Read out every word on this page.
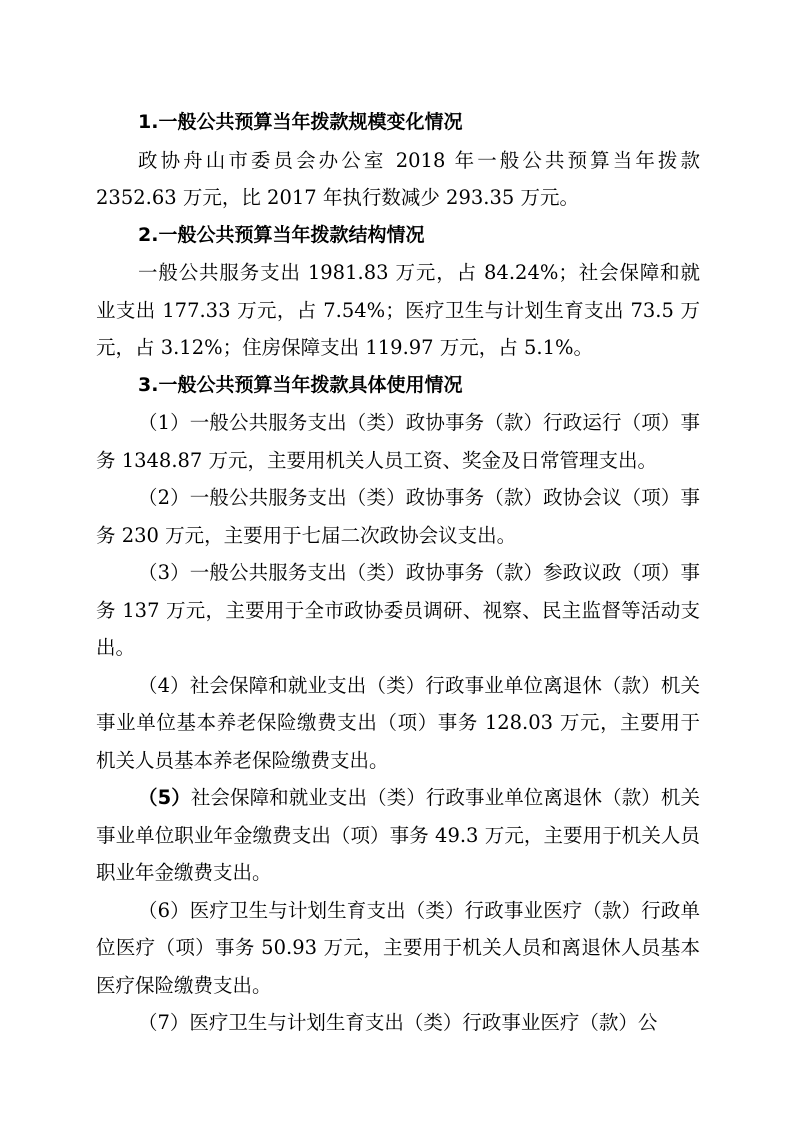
1.一般公共预算当年拨款规模变化情况

政协舟山市委员会办公室 2018 年一般公共预算当年拨款 2352.63 万元，比 2017 年执行数减少 293.35 万元。

2.一般公共预算当年拨款结构情况

一般公共服务支出 1981.83 万元，占 84.24%；社会保障和就业支出 177.33 万元，占 7.54%；医疗卫生与计划生育支出 73.5 万元，占 3.12%；住房保障支出 119.97 万元，占 5.1%。

3.一般公共预算当年拨款具体使用情况

（1）一般公共服务支出（类）政协事务（款）行政运行（项）事务 1348.87 万元，主要用机关人员工资、奖金及日常管理支出。

（2）一般公共服务支出（类）政协事务（款）政协会议（项）事务 230 万元，主要用于七届二次政协会议支出。

（3）一般公共服务支出（类）政协事务（款）参政议政（项）事务 137 万元，主要用于全市政协委员调研、视察、民主监督等活动支出。

（4）社会保障和就业支出（类）行政事业单位离退休（款）机关事业单位基本养老保险缴费支出（项）事务 128.03 万元，主要用于机关人员基本养老保险缴费支出。

（5）社会保障和就业支出（类）行政事业单位离退休（款）机关事业单位职业年金缴费支出（项）事务 49.3 万元，主要用于机关人员职业年金缴费支出。

（6）医疗卫生与计划生育支出（类）行政事业医疗（款）行政单位医疗（项）事务 50.93 万元，主要用于机关人员和离退休人员基本医疗保险缴费支出。

（7）医疗卫生与计划生育支出（类）行政事业医疗（款）公
